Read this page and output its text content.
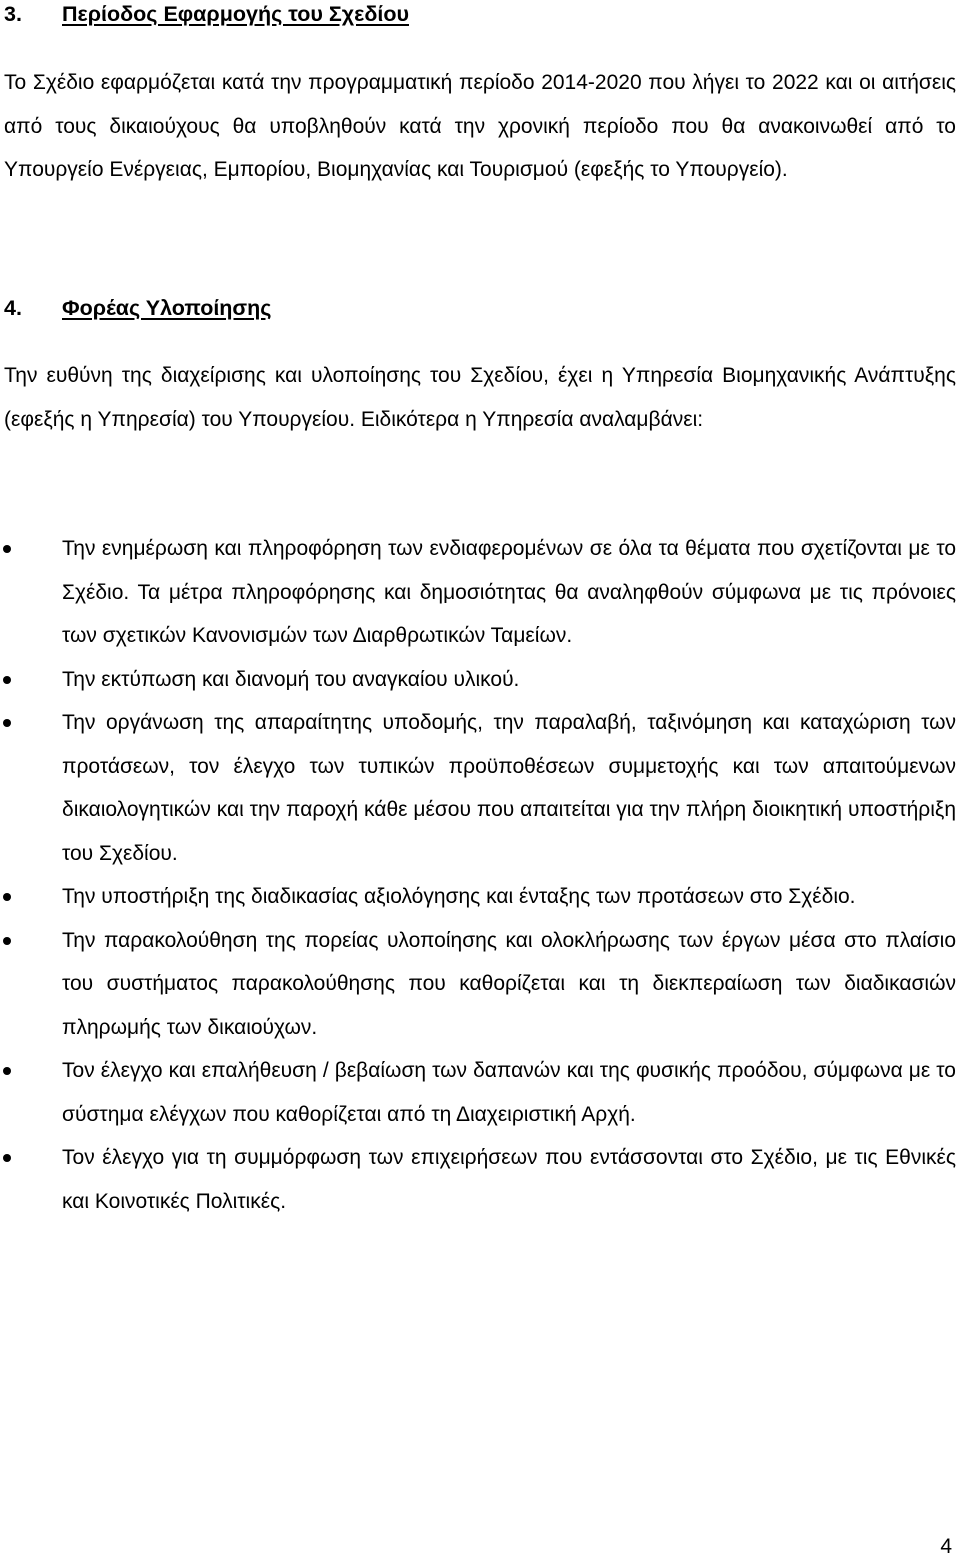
3. Περίοδος Εφαρμογής του Σχεδίου

Το Σχέδιο εφαρμόζεται κατά την προγραμματική περίοδο 2014-2020 που λήγει το 2022 και οι αιτήσεις από τους δικαιούχους θα υποβληθούν κατά την χρονική περίοδο που θα ανακοινωθεί από το Υπουργείο Ενέργειας, Εμπορίου, Βιομηχανίας και Τουρισμού (εφεξής το Υπουργείο).

4. Φορέας Υλοποίησης

Την ευθύνη της διαχείρισης και υλοποίησης του Σχεδίου, έχει η Υπηρεσία Βιομηχανικής Ανάπτυξης (εφεξής η Υπηρεσία) του Υπουργείου. Ειδικότερα η Υπηρεσία αναλαμβάνει:

Την ενημέρωση και πληροφόρηση των ενδιαφερομένων σε όλα τα θέματα που σχετίζονται με το Σχέδιο. Τα μέτρα πληροφόρησης και δημοσιότητας θα αναληφθούν σύμφωνα με τις πρόνοιες των σχετικών Κανονισμών των Διαρθρωτικών Ταμείων.
Την εκτύπωση και διανομή του αναγκαίου υλικού.
Την οργάνωση της απαραίτητης υποδομής, την παραλαβή, ταξινόμηση και καταχώριση των προτάσεων, τον έλεγχο των τυπικών προϋποθέσεων συμμετοχής και των απαιτούμενων δικαιολογητικών και την παροχή κάθε μέσου που απαιτείται για την πλήρη διοικητική υποστήριξη του Σχεδίου.
Την υποστήριξη της διαδικασίας αξιολόγησης και ένταξης των προτάσεων στο Σχέδιο.
Την παρακολούθηση της πορείας υλοποίησης και ολοκλήρωσης των έργων μέσα στο πλαίσιο του συστήματος παρακολούθησης που καθορίζεται και τη διεκπεραίωση των διαδικασιών πληρωμής των δικαιούχων.
Τον έλεγχο και επαλήθευση / βεβαίωση των δαπανών και της φυσικής προόδου, σύμφωνα με το σύστημα ελέγχων που καθορίζεται από τη Διαχειριστική Αρχή.
Τον έλεγχο για τη συμμόρφωση των επιχειρήσεων που εντάσσονται στο Σχέδιο, με τις Εθνικές και Κοινοτικές Πολιτικές.
4
